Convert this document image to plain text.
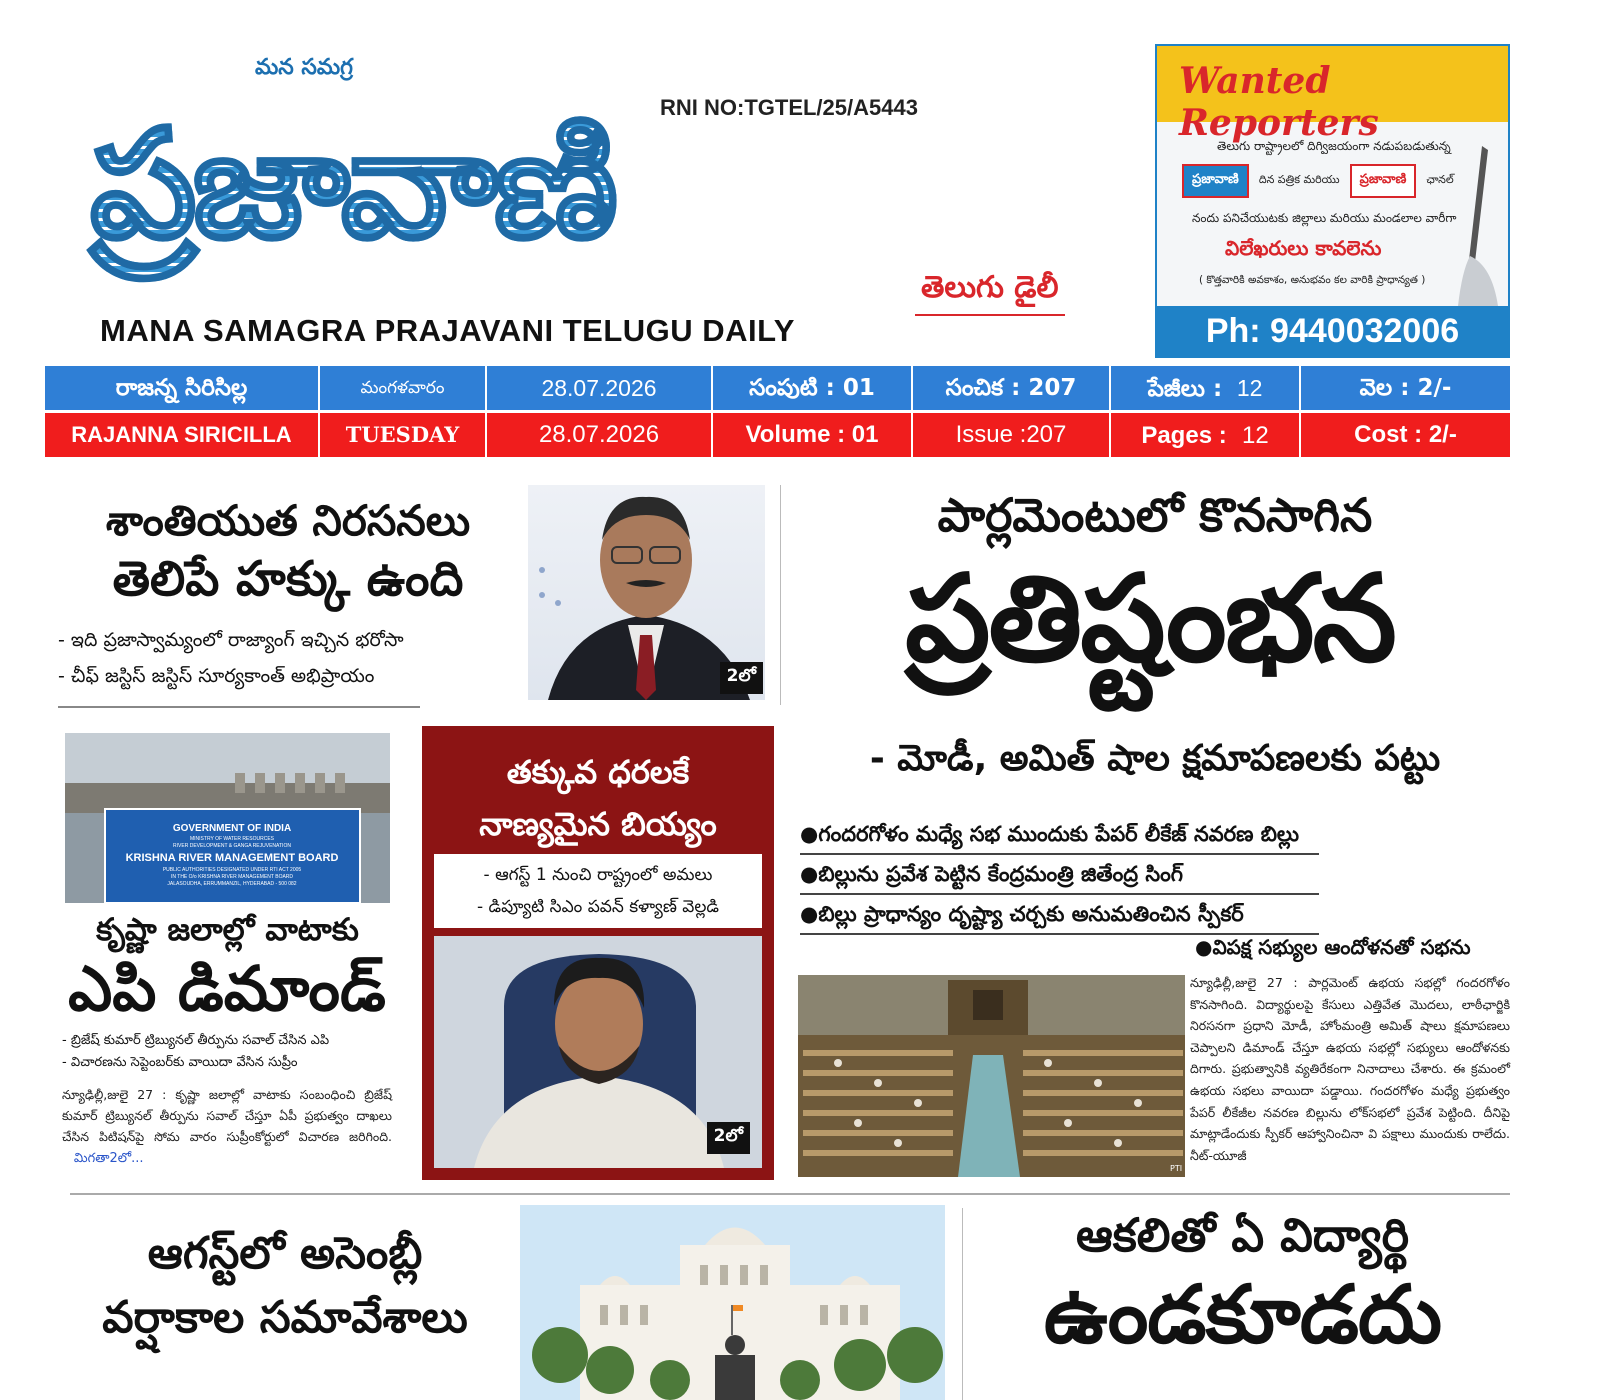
మన సమగ్ర
ప్రజావాణి	RNI NO:TGTEL/25/A5443
తెలుగు డైలీ
MANA SAMAGRA PRAJAVANI TELUGU DAILY
Wanted Reporters
తెలుగు రాష్ట్రాలలో దిగ్విజయంగా నడుపబడుతున్న
ప్రజావాణి	దిన పత్రిక మరియు	ప్రజావాణి	ఛానల్
నందు పనిచేయుటకు జిల్లాలు మరియు మండలాల వారీగా
విలేఖరులు కావలెను
( కొత్తవారికి అవకాశం, అనుభవం కల వారికి ప్రాధాన్యత )
Ph: 9440032006
రాజన్న సిరిసిల్ల	మంగళవారం	28.07.2026	సంపుటి : 01	సంచిక : 207	పేజీలు : 12	వెల : 2/-
RAJANNA SIRICILLA	TUESDAY	28.07.2026	Volume : 01	Issue :207	Pages : 12	Cost : 2/-
శాంతియుత నిరసనలు
తెలిపే హక్కు ఉంది
- ఇది ప్రజాస్వామ్యంలో రాజ్యాంగ్ ఇచ్చిన భరోసా
- చీఫ్ జస్టిస్ జస్టిస్ సూర్యకాంత్ అభిప్రాయం	2లో
పార్లమెంటులో కొనసాగిన
ప్రతిష్టంభన
- మోడీ, అమిత్ షాల క్షమాపణలకు పట్టు
●గందరగోళం మధ్యే సభ ముందుకు పేపర్ లీకేజ్ నవరణ బిల్లు
●బిల్లును ప్రవేశ పెట్టిన కేంద్రమంత్రి జితేంద్ర సింగ్
●బిల్లు ప్రాధాన్యం దృష్ట్యా చర్చకు అనుమతించిన స్పీకర్
●విపక్ష సభ్యుల ఆందోళనతో సభను
PTI
న్యూఢిల్లీ,జులై 27 : పార్లమెంట్ ఉభయ సభల్లో గందరగోళం కొనసాగింది. విద్యార్థులపై కేసులు ఎత్తివేత మొదలు, లాఠీఛార్జికి నిరసనగా ప్రధాని మోడీ, హోంమంత్రి అమిత్ షాలు క్షమాపణలు చెప్పాలని డిమాండ్ చేస్తూ ఉభయ సభల్లో సభ్యులు ఆందోళనకు దిగారు. ప్రభుత్వానికి వ్యతిరేకంగా నినాదాలు చేశారు. ఈ క్రమంలో ఉభయ సభలు వాయిదా పడ్డాయి. గందరగోళం మధ్యే ప్రభుత్వం పేపర్ లీకేజీల నవరణ బిల్లును లోక్‌సభలో ప్రవేశ పెట్టింది. దీనిపై మాట్లాడేందుకు స్పీకర్ ఆహ్వానించినా వి పక్షాలు ముందుకు రాలేదు. నీట్-యూజీ
GOVERNMENT OF INDIA
MINISTRY OF WATER RESOURCES
RIVER DEVELOPMENT & GANGA REJUVENATION
KRISHNA RIVER MANAGEMENT BOARD
PUBLIC AUTHORITIES DESIGNATED UNDER RTI ACT 2005
IN THE O/o KRISHNA RIVER MANAGEMENT BOARD
JALASOUDHA, ERRUMMANZIL, HYDERABAD - 500 082
కృష్ణా జలాల్లో వాటాకు
ఎపి డిమాండ్
- బ్రిజేష్ కుమార్ ట్రిబ్యునల్ తీర్పును సవాల్ చేసిన ఎపి
- విచారణను సెప్టెంబర్‌కు వాయిదా వేసిన సుప్రీం
న్యూఢిల్లీ,జులై 27 : కృష్ణా జలాల్లో వాటాకు సంబంధించి బ్రిజేష్ కుమార్ ట్రిబ్యునల్ తీర్పును సవాల్ చేస్తూ ఏపీ ప్రభుత్వం దాఖలు చేసిన పిటిషన్‌పై సోమ వారం సుప్రీంకోర్టులో విచారణ జరిగింది.    మిగతా2లో...
తక్కువ ధరలకే
నాణ్యమైన బియ్యం
- ఆగస్ట్ 1 నుంచి రాష్ట్రంలో అమలు
- డిప్యూటి సిఎం పవన్ కళ్యాణ్ వెల్లడి
2లో
ఆగస్ట్‌లో అసెంబ్లీ
వర్షాకాల సమావేశాలు
ఆకలితో ఏ విద్యార్థి
ఉండకూడదు
